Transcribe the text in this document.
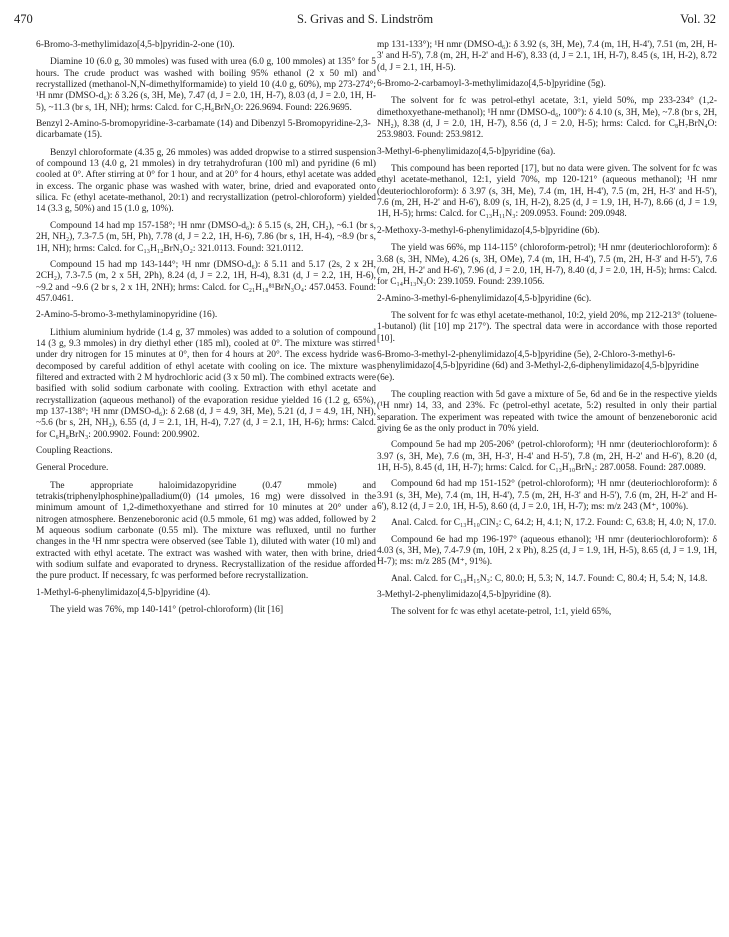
470	S. Grivas and S. Lindström	Vol. 32

6-Bromo-3-methylimidazo[4,5-b]pyridin-2-one (10).

Diamine 10 (6.0 g, 30 mmoles) was fused with urea (6.0 g, 100 mmoles) at 135° for 5 hours. The crude product was washed with boiling 95% ethanol (2 x 50 ml) and recrystallized (methanol-N,N-dimethylformamide) to yield 10 (4.0 g, 60%), mp 273-274°; ¹H nmr (DMSO-d₆): δ 3.26 (s, 3H, Me), 7.47 (d, J = 2.0, 1H, H-7), 8.03 (d, J = 2.0, 1H, H-5), ~11.3 (br s, 1H, NH); hrms: Calcd. for C₇H₆BrN₃O: 226.9694. Found: 226.9695.

Benzyl 2-Amino-5-bromopyridine-3-carbamate (14) and Dibenzyl 5-Bromopyridine-2,3-dicarbamate (15).

Benzyl chloroformate (4.35 g, 26 mmoles) was added dropwise to a stirred suspension of compound 13 (4.0 g, 21 mmoles) in dry tetrahydrofuran (100 ml) and pyridine (6 ml) cooled at 0°. After stirring at 0° for 1 hour, and at 20° for 4 hours, ethyl acetate was added in excess. The organic phase was washed with water, brine, dried and evaporated onto silica. Fc (ethyl acetate-methanol, 20:1) and recrystallization (petrol-chloroform) yielded 14 (3.3 g, 50%) and 15 (1.0 g, 10%).

Compound 14 had mp 157-158°; ¹H nmr (DMSO-d₆): δ 5.15 (s, 2H, CH₂), ~6.1 (br s, 2H, NH₂), 7.3-7.5 (m, 5H, Ph), 7.78 (d, J = 2.2, 1H, H-6), 7.86 (br s, 1H, H-4), ~8.9 (br s, 1H, NH); hrms: Calcd. for C₁₃H₁₂BrN₃O₂: 321.0113. Found: 321.0112.

Compound 15 had mp 143-144°; ¹H nmr (DMSO-d₆): δ 5.11 and 5.17 (2s, 2 x 2H, 2CH₂), 7.3-7.5 (m, 2 x 5H, 2Ph), 8.24 (d, J = 2.2, 1H, H-4), 8.31 (d, J = 2.2, 1H, H-6), ~9.2 and ~9.6 (2 br s, 2 x 1H, 2NH); hrms: Calcd. for C₂₁H₁₈⁸¹BrN₃O₄: 457.0453. Found: 457.0461.

2-Amino-5-bromo-3-methylaminopyridine (16).

Lithium aluminium hydride (1.4 g, 37 mmoles) was added to a solution of compound 14 (3 g, 9.3 mmoles) in dry diethyl ether (185 ml), cooled at 0°. The mixture was stirred under dry nitrogen for 15 minutes at 0°, then for 4 hours at 20°. The excess hydride was decomposed by careful addition of ethyl acetate with cooling on ice. The mixture was filtered and extracted with 2 M hydrochloric acid (3 x 50 ml). The combined extracts were basified with solid sodium carbonate with cooling. Extraction with ethyl acetate and recrystallization (aqueous methanol) of the evaporation residue yielded 16 (1.2 g, 65%), mp 137-138°; ¹H nmr (DMSO-d₆): δ 2.68 (d, J = 4.9, 3H, Me), 5.21 (d, J = 4.9, 1H, NH), ~5.6 (br s, 2H, NH₂), 6.55 (d, J = 2.1, 1H, H-4), 7.27 (d, J = 2.1, 1H, H-6); hrms: Calcd. for C₆H₈BrN₃: 200.9902. Found: 200.9902.

Coupling Reactions.

General Procedure.

The appropriate haloimidazopyridine (0.47 mmole) and tetrakis(triphenylphosphine)palladium(0) (14 μmoles, 16 mg) were dissolved in the minimum amount of 1,2-dimethoxyethane and stirred for 10 minutes at 20° under a nitrogen atmosphere. Benzeneboronic acid (0.5 mmole, 61 mg) was added, followed by 2 M aqueous sodium carbonate (0.55 ml). The mixture was refluxed, until no further changes in the ¹H nmr spectra were observed (see Table 1), diluted with water (10 ml) and extracted with ethyl acetate. The extract was washed with water, then with brine, dried with sodium sulfate and evaporated to dryness. Recrystallization of the residue afforded the pure product. If necessary, fc was performed before recrystallization.

1-Methyl-6-phenylimidazo[4,5-b]pyridine (4).

The yield was 76%, mp 140-141° (petrol-chloroform) (lit [16]

mp 131-133°); ¹H nmr (DMSO-d₆): δ 3.92 (s, 3H, Me), 7.4 (m, 1H, H-4'), 7.51 (m, 2H, H-3' and H-5'), 7.8 (m, 2H, H-2' and H-6'), 8.33 (d, J = 2.1, 1H, H-7), 8.45 (s, 1H, H-2), 8.72 (d, J = 2.1, 1H, H-5).

6-Bromo-2-carbamoyl-3-methylimidazo[4,5-b]pyridine (5g).

The solvent for fc was petrol-ethyl acetate, 3:1, yield 50%, mp 233-234° (1,2-dimethoxyethane-methanol); ¹H nmr (DMSO-d₆, 100°): δ 4.10 (s, 3H, Me), ~7.8 (br s, 2H, NH₂), 8.38 (d, J = 2.0, 1H, H-7), 8.56 (d, J = 2.0, H-5); hrms: Calcd. for C₈H₇BrN₄O: 253.9803. Found: 253.9812.

3-Methyl-6-phenylimidazo[4,5-b]pyridine (6a).

This compound has been reported [17], but no data were given. The solvent for fc was ethyl acetate-methanol, 12:1, yield 70%, mp 120-121° (aqueous methanol); ¹H nmr (deuteriochloroform): δ 3.97 (s, 3H, Me), 7.4 (m, 1H, H-4'), 7.5 (m, 2H, H-3' and H-5'), 7.6 (m, 2H, H-2' and H-6'), 8.09 (s, 1H, H-2), 8.25 (d, J = 1.9, 1H, H-7), 8.66 (d, J = 1.9, 1H, H-5); hrms: Calcd. for C₁₃H₁₁N₃: 209.0953. Found: 209.0948.

2-Methoxy-3-methyl-6-phenylimidazo[4,5-b]pyridine (6b).

The yield was 66%, mp 114-115° (chloroform-petrol); ¹H nmr (deuteriochloroform): δ 3.68 (s, 3H, NMe), 4.26 (s, 3H, OMe), 7.4 (m, 1H, H-4'), 7.5 (m, 2H, H-3' and H-5'), 7.6 (m, 2H, H-2' and H-6'), 7.96 (d, J = 2.0, 1H, H-7), 8.40 (d, J = 2.0, 1H, H-5); hrms: Calcd. for C₁₄H₁₃N₃O: 239.1059. Found: 239.1056.

2-Amino-3-methyl-6-phenylimidazo[4,5-b]pyridine (6c).

The solvent for fc was ethyl acetate-methanol, 10:2, yield 20%, mp 212-213° (toluene-1-butanol) (lit [10] mp 217°). The spectral data were in accordance with those reported [10].

6-Bromo-3-methyl-2-phenylimidazo[4,5-b]pyridine (5e), 2-Chloro-3-methyl-6-phenylimidazo[4,5-b]pyridine (6d) and 3-Methyl-2,6-diphenylimidazo[4,5-b]pyridine (6e).

The coupling reaction with 5d gave a mixture of 5e, 6d and 6e in the respective yields (¹H nmr) 14, 33, and 23%. Fc (petrol-ethyl acetate, 5:2) resulted in only their partial separation. The experiment was repeated with twice the amount of benzeneboronic acid giving 6e as the only product in 70% yield.

Compound 5e had mp 205-206° (petrol-chloroform); ¹H nmr (deuteriochloroform): δ 3.97 (s, 3H, Me), 7.6 (m, 3H, H-3', H-4' and H-5'), 7.8 (m, 2H, H-2' and H-6'), 8.20 (d, 1H, H-5), 8.45 (d, 1H, H-7); hrms: Calcd. for C₁₃H₁₀BrN₃: 287.0058. Found: 287.0089.

Compound 6d had mp 151-152° (petrol-chloroform); ¹H nmr (deuteriochloroform): δ 3.91 (s, 3H, Me), 7.4 (m, 1H, H-4'), 7.5 (m, 2H, H-3' and H-5'), 7.6 (m, 2H, H-2' and H-6'), 8.12 (d, J = 2.0, 1H, H-5), 8.60 (d, J = 2.0, 1H, H-7); ms: m/z 243 (M⁺, 100%).

Anal. Calcd. for C₁₃H₁₀ClN₃: C, 64.2; H, 4.1; N, 17.2. Found: C, 63.8; H, 4.0; N, 17.0.

Compound 6e had mp 196-197° (aqueous ethanol); ¹H nmr (deuteriochloroform): δ 4.03 (s, 3H, Me), 7.4-7.9 (m, 10H, 2 x Ph), 8.25 (d, J = 1.9, 1H, H-5), 8.65 (d, J = 1.9, 1H, H-7); ms: m/z 285 (M⁺, 91%).

Anal. Calcd. for C₁₉H₁₅N₃: C, 80.0; H, 5.3; N, 14.7. Found: C, 80.4; H, 5.4; N, 14.8.

3-Methyl-2-phenylimidazo[4,5-b]pyridine (8).

The solvent for fc was ethyl acetate-petrol, 1:1, yield 65%,
